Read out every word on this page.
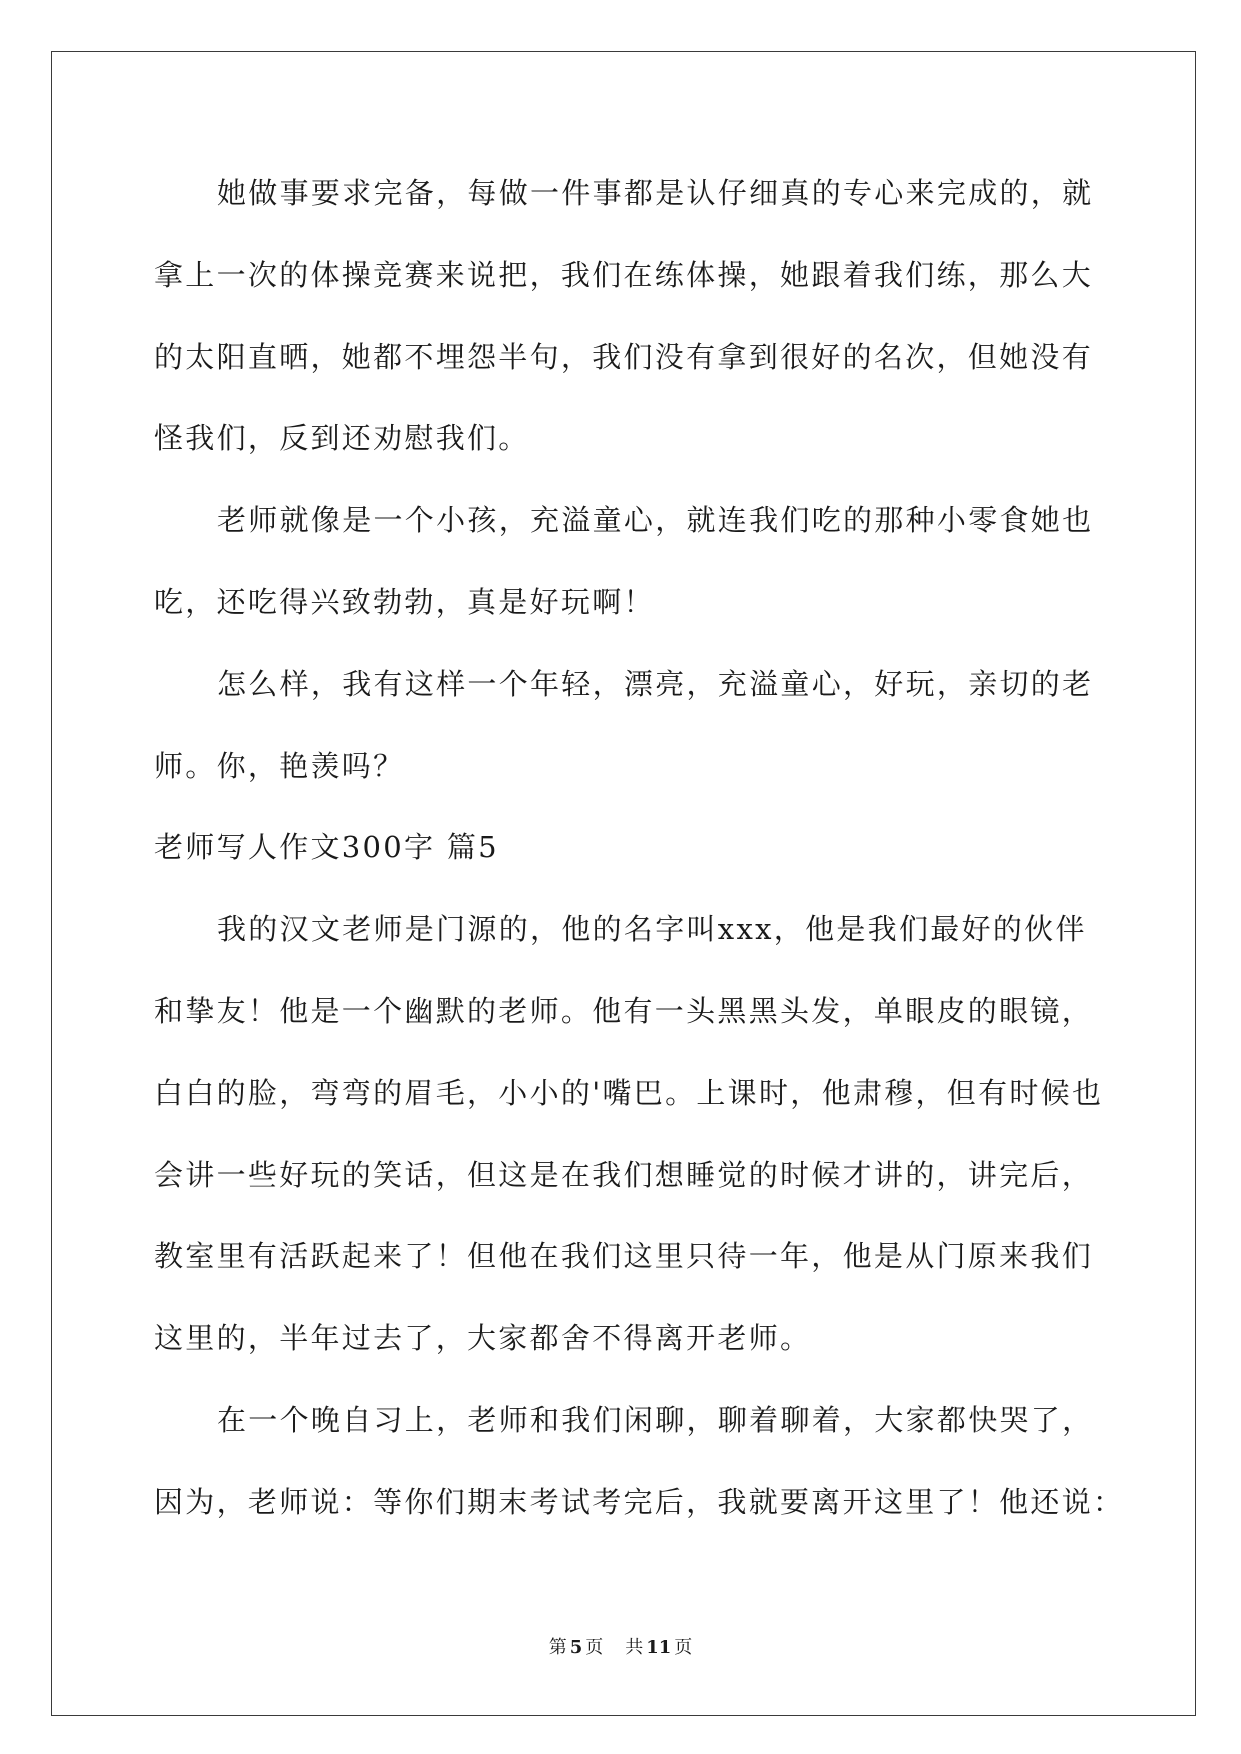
她做事要求完备，每做一件事都是认仔细真的专心来完成的，就
拿上一次的体操竞赛来说把，我们在练体操，她跟着我们练，那么大
的太阳直晒，她都不埋怨半句，我们没有拿到很好的名次，但她没有
怪我们，反到还劝慰我们。
老师就像是一个小孩，充溢童心，就连我们吃的那种小零食她也
吃，还吃得兴致勃勃，真是好玩啊！
怎么样，我有这样一个年轻，漂亮，充溢童心，好玩，亲切的老
师。你，艳羡吗？
老师写人作文300字 篇5
我的汉文老师是门源的，他的名字叫xxx，他是我们最好的伙伴
和挚友！他是一个幽默的老师。他有一头黑黑头发，单眼皮的眼镜，
白白的脸，弯弯的眉毛，小小的'嘴巴。上课时，他肃穆，但有时候也
会讲一些好玩的笑话，但这是在我们想睡觉的时候才讲的，讲完后，
教室里有活跃起来了！但他在我们这里只待一年，他是从门原来我们
这里的，半年过去了，大家都舍不得离开老师。
在一个晚自习上，老师和我们闲聊，聊着聊着，大家都快哭了，
因为，老师说：等你们期末考试考完后，我就要离开这里了！他还说：
第 5 页 共 11 页
